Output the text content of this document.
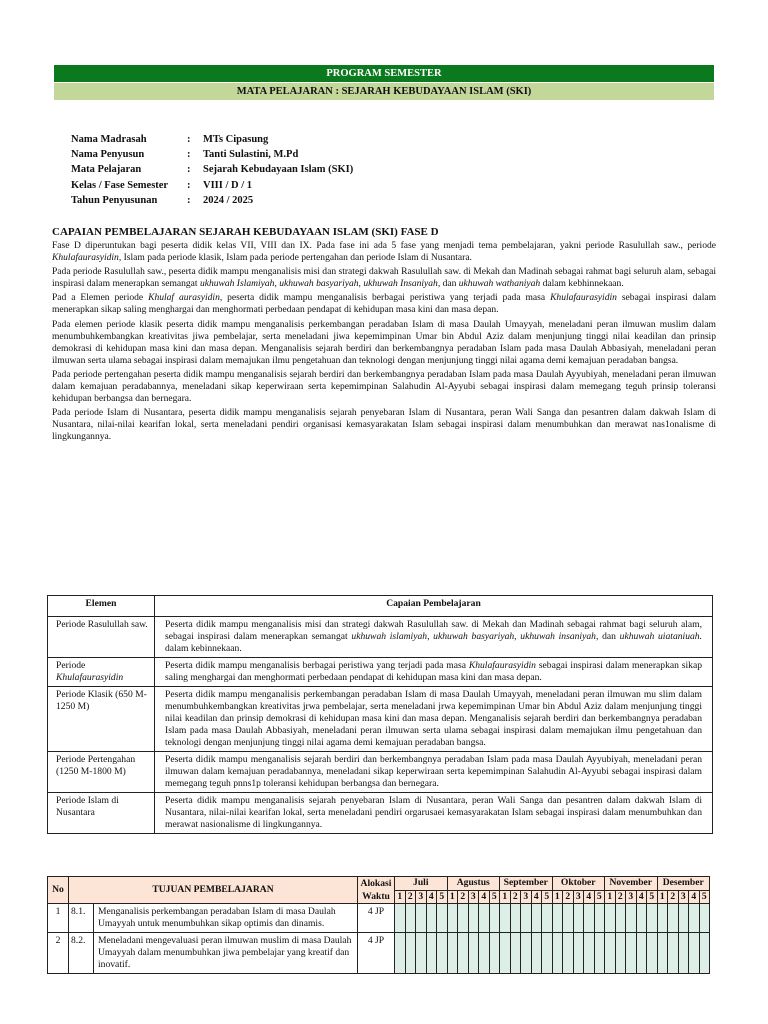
PROGRAM SEMESTER
MATA PELAJARAN : SEJARAH KEBUDAYAAN ISLAM (SKI)
Nama Madrasah	:	MTs Cipasung
Nama Penyusun	:	Tanti Sulastini, M.Pd
Mata Pelajaran	:	Sejarah Kebudayaan Islam (SKI)
Kelas / Fase Semester	:	VIII / D / 1
Tahun Penyusunan	:	2024 / 2025
CAPAIAN PEMBELAJARAN SEJARAH KEBUDAYAAN ISLAM (SKI) FASE D

Fase D diperuntukan bagi peserta didik kelas VII, VIII dan IX. Pada fase ini ada 5 fase yang menjadi tema pembelajaran, yakni periode Rasulullah saw., periode Khulafaurasyidin, Islam pada periode klasik, Islam pada periode pertengahan dan periode Islam di Nusantara.

Pada periode Rasulullah saw., peserta didik mampu menganalisis misi dan strategi dakwah Rasulullah saw. di Mekah dan Madinah sebagai rahmat bagi seluruh alam, sebagai inspirasi dalam menerapkan semangat ukhuwah Islamiyah, ukhuwah basyariyah, ukhuwah Insaniyah, dan ukhuwah wathaniyah dalam kebhinnekaan.

Pad a Elemen periode Khulaf aurasyidin, peserta didik mampu menganalisis berbagai peristiwa yang terjadi pada masa Khulafaurasyidin sebagai inspirasi dalam menerapkan sikap saling menghargai dan menghormati perbedaan pendapat di kehidupan masa kini dan masa depan.

Pada elemen periode klasik peserta didik mampu menganalisis perkembangan peradaban Islam di masa Daulah Umayyah, meneladani peran ilmuwan muslim dalam menumbuhkembangkan kreativitas jiwa pembelajar, serta meneladani jiwa kepemimpinan Umar bin Abdul Aziz dalam menjunjung tinggi nilai keadilan dan prinsip demokrasi di kehidupan masa kini dan masa depan. Menganalisis sejarah berdiri dan berkembangnya peradaban Islam pada masa Daulah Abbasiyah, meneladani peran ilmuwan serta ulama sebagai inspirasi dalam memajukan ilmu pengetahuan dan teknologi dengan menjunjung tinggi nilai agama demi kemajuan peradaban bangsa.

Pada periode pertengahan peserta didik mampu menganalisis sejarah berdiri dan berkembangnya peradaban Islam pada masa Daulah Ayyubiyah, meneladani peran ilmuwan dalam kemajuan peradabannya, meneladani sikap keperwiraan serta kepemimpinan Salahudin Al-Ayyubi sebagai inspirasi dalam memegang teguh prinsip toleransi kehidupan berbangsa dan bernegara.

Pada periode Islam di Nusantara, peserta didik mampu menganalisis sejarah penyebaran Islam di Nusantara, peran Wali Sanga dan pesantren dalam dakwah Islam di Nusantara, nilai-nilai kearifan lokal, serta meneladani pendiri organisasi kemasyarakatan Islam sebagai inspirasi dalam menumbuhkan dan merawat nas1onalisme di lingkungannya.

Elemen	Capaian Pembelajaran
Periode Rasulullah saw.	Peserta didik mampu menganalisis misi dan strategi dakwah Rasulullah saw. di Mekah dan Madinah sebagai rahmat bagi seluruh alam, sebagai inspirasi dalam menerapkan semangat ukhuwah islamiyah, ukhuwah basyariyah, ukhuwah insaniyah, dan ukhuwah uiataniuah. dalam kebinnekaan.
Periode
Khulafaurasyidin	Peserta didik mampu menganalisis berbagai peristiwa yang terjadi pada masa Khulafaurasyidin sebagai inspirasi dalam menerapkan sikap saling menghargai dan menghormati perbedaan pendapat di kehidupan masa kini dan masa depan.
Periode Klasik (650 M-1250 M)	Peserta didik mampu menganalisis perkembangan peradaban Islam di masa Daulah Umayyah, meneladani peran ilmuwan mu slim dalam menumbuhkembangkan kreativitas jrwa pembelajar, serta meneladani jrwa kepemimpinan Umar bin Abdul Aziz dalam menjunjung tinggi nilai keadilan dan prinsip demokrasi di kehidupan masa kini dan masa depan. Menganalisis sejarah berdiri dan berkembangnya peradaban Islam pada masa Daulah Abbasiyah, meneladani peran ilmuwan serta ulama sebagai inspirasi dalam memajukan ilmu pengetahuan dan teknologi dengan menjunjung tinggi nilai agama demi kemajuan peradaban bangsa.
Periode Pertengahan (1250 M-1800 M)	Peserta didik mampu menganalisis sejarah berdiri dan berkembangnya peradaban Islam pada masa Daulah Ayyubiyah, meneladani peran ilmuwan dalam kemajuan peradabannya, meneladani sikap keperwiraan serta kepemimpinan Salahudin Al-Ayyubi sebagai inspirasi dalam memegang teguh pnns1p toleransi kehidupan berbangsa dan bernegara.
Periode Islam di Nusantara	Peserta didik mampu menganalisis sejarah penyebaran Islam di Nusantara, peran Wali Sanga dan pesantren dalam dakwah Islam di Nusantara, nilai-nilai kearifan lokal, serta meneladani pendiri orgarusaei kemasyarakatan Islam sebagai inspirasi dalam menumbuhkan dan merawat nasionalisme di lingkungannya.
No	TUJUAN PEMBELAJARAN		Alokasi Waktu	Juli					Agustus					September					Oktober					November					Desember				
				1	2	3	4	5	1	2	3	4	5	1	2	3	4	5	1	2	3	4	5	1	2	3	4	5	1	2	3	4	5
1	8.1.	Menganalisis perkembangan peradaban Islam di masa Daulah Umayyah untuk menumbuhkan sikap optimis dan dinamis.	4 JP																														
2	8.2.	Meneladani mengevaluasi peran ilmuwan muslim di masa Daulah Umayyah dalam menumbuhkan jiwa pembelajar yang kreatif dan inovatif.	4 JP																														
